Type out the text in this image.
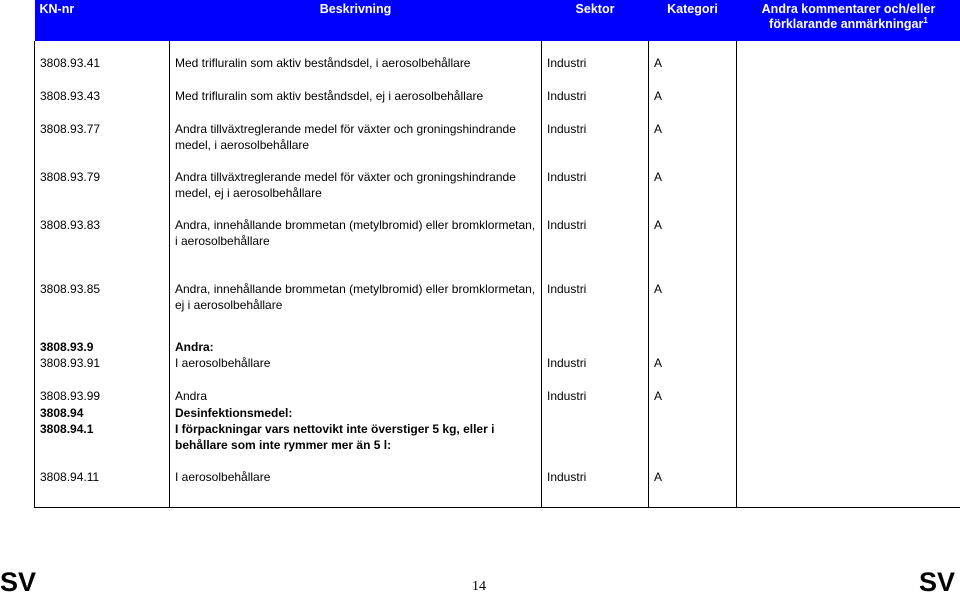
KN-nr	Beskrivning	Sektor	Kategori	Andra kommentarer och/eller förklarande anmärkningar$^1$
3808.93.41	Med trifluralin som aktiv beståndsdel, i aerosolbehållare	Industri	A	
3808.93.43	Med trifluralin som aktiv beståndsdel, ej i aerosolbehållare	Industri	A	
3808.93.77	Andra tillväxtreglerande medel för växter och groningshindrande medel, i aerosolbehållare	Industri	A	
3808.93.79	Andra tillväxtreglerande medel för växter och groningshindrande medel, ej i aerosolbehållare	Industri	A	
3808.93.83	Andra, innehållande brommetan (metylbromid) eller bromklormetan, i aerosolbehållare	Industri	A	
3808.93.85	Andra, innehållande brommetan (metylbromid) eller bromklormetan, ej i aerosolbehållare	Industri	A	
3808.93.9	Andra:			
3808.93.91	I aerosolbehållare	Industri	A	
3808.93.99	Andra	Industri	A	
3808.94	Desinfektionsmedel:			
3808.94.1	I förpackningar vars nettovikt inte överstiger 5 kg, eller i behållare som inte rymmer mer än 5 l:			
3808.94.11	I aerosolbehållare	Industri	A	
SV	14	SV
